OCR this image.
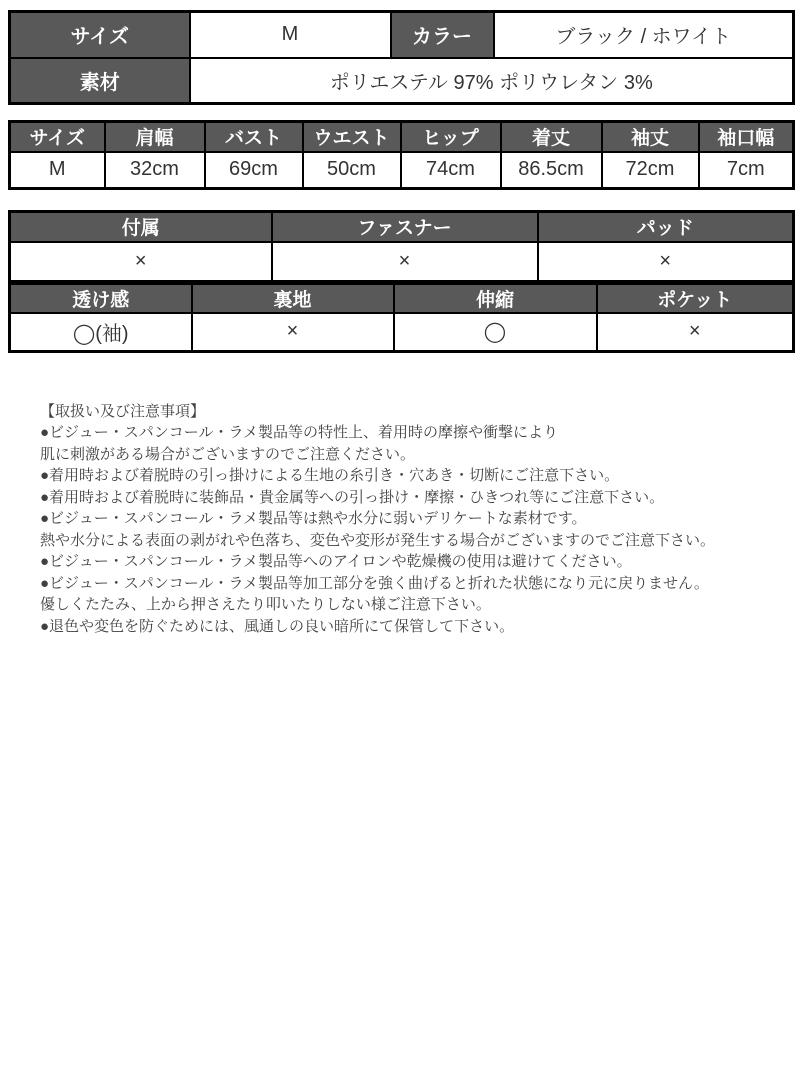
サイズ	M	カラー	ブラック / ホワイト
素材	ポリエステル 97% ポリウレタン 3%		
サイズ	肩幅	バスト	ウエスト	ヒップ	着丈	袖丈	袖口幅
M	32cm	69cm	50cm	74cm	86.5cm	72cm	7cm
付属	ファスナー	パッド
×	×	×
透け感	裏地	伸縮	ポケット
◯(袖)	×	◯	×
【取扱い及び注意事項】
●ビジュー・スパンコール・ラメ製品等の特性上、着用時の摩擦や衝撃により
肌に刺激がある場合がございますのでご注意ください。
●着用時および着脱時の引っ掛けによる生地の糸引き・穴あき・切断にご注意下さい。
●着用時および着脱時に装飾品・貴金属等への引っ掛け・摩擦・ひきつれ等にご注意下さい。
●ビジュー・スパンコール・ラメ製品等は熱や水分に弱いデリケートな素材です。
熱や水分による表面の剥がれや色落ち、変色や変形が発生する場合がございますのでご注意下さい。
●ビジュー・スパンコール・ラメ製品等へのアイロンや乾燥機の使用は避けてください。
●ビジュー・スパンコール・ラメ製品等加工部分を強く曲げると折れた状態になり元に戻りません。
優しくたたみ、上から押さえたり叩いたりしない様ご注意下さい。
●退色や変色を防ぐためには、風通しの良い暗所にて保管して下さい。
